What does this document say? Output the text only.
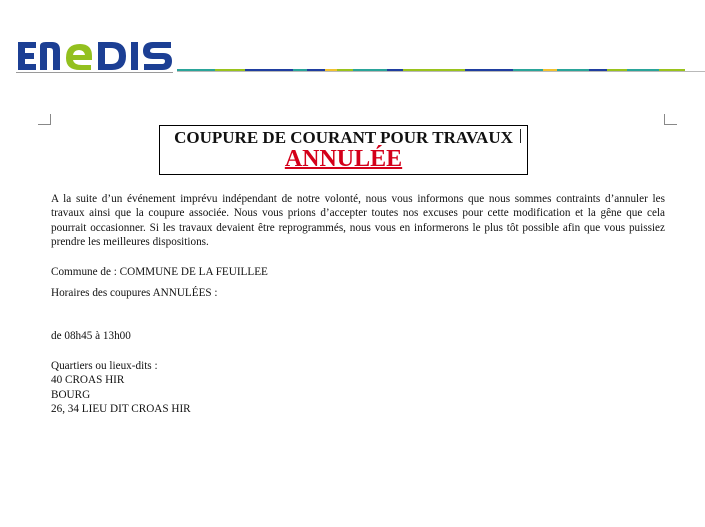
COUPURE DE COURANT POUR TRAVAUX
ANNULÉE

A la suite d’un événement imprévu indépendant de notre volonté, nous vous informons que nous sommes contraints d’annuler les travaux ainsi que la coupure associée. Nous vous prions d’accepter toutes nos excuses pour cette modification et la gêne que cela pourrait occasionner. Si les travaux devaient être reprogrammés, nous vous en informerons le plus tôt possible afin que vous puissiez prendre les meilleures dispositions.

Commune de : COMMUNE DE LA FEUILLEE

Horaires des coupures ANNULÉES :

de 08h45 à 13h00

Quartiers ou lieux-dits :

40 CROAS HIR

BOURG

26, 34 LIEU DIT CROAS HIR
